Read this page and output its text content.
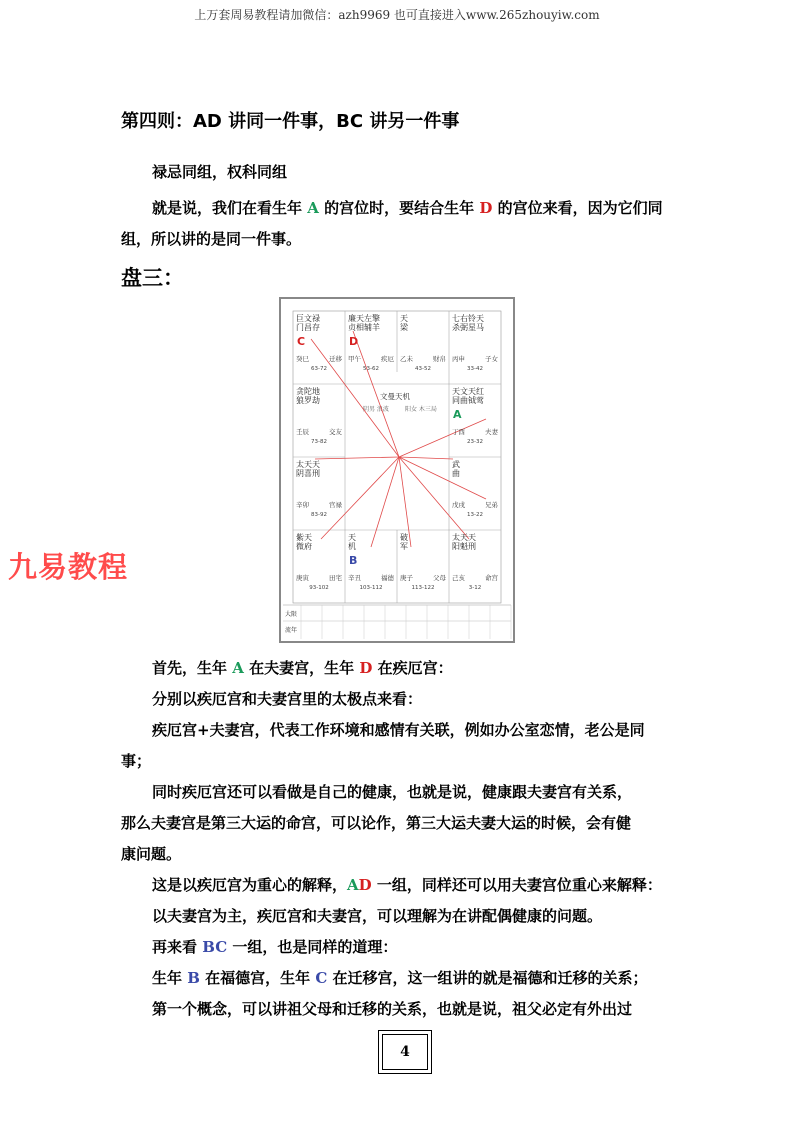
上万套周易教程请加微信：azh9969 也可直接进入www.265zhouyiw.com
第四则：AD 讲同一件事，BC 讲另一件事
禄忌同组，权科同组
就是说，我们在看生年 A 的宫位时，要结合生年 D 的宫位来看，因为它们同组，所以讲的是同一件事。
盘三：
大限
流年
文曼天机
阴男 浪波	阳女 木三局
巨文禄
门昌存
C
癸巳	迁移
63-72
廉天左擎
贞相辅羊
D
甲午	疾厄
53-62
天
梁
乙未	财帛
43-52
七右铃天
杀弼星马
丙申	子女
33-42
贪陀地
狼罗劫
壬辰	交友
73-82
天文天红
同曲钺莺
A
丁酉	夫妻
23-32
太天天
阴喜刑
辛卯	官禄
83-92
武
曲
戊戌	兄弟
13-22
紫天
微府
庚寅	田宅
93-102
天
机
B
辛丑	福德
103-112
破
军
庚子	父母
113-122
太天天
阳魁刑
己亥	命宫
3-12
首先，生年 A 在夫妻宫，生年 D 在疾厄宫：
分别以疾厄宫和夫妻宫里的太极点来看：
疾厄宫+夫妻宫，代表工作环境和感情有关联，例如办公室恋情，老公是同
事；
同时疾厄宫还可以看做是自己的健康，也就是说，健康跟夫妻宫有关系，
那么夫妻宫是第三大运的命宫，可以论作，第三大运夫妻大运的时候，会有健
康问题。
这是以疾厄宫为重心的解释，AD 一组，同样还可以用夫妻宫位重心来解释：
以夫妻宫为主，疾厄宫和夫妻宫，可以理解为在讲配偶健康的问题。
再来看 BC 一组，也是同样的道理：
生年 B 在福德宫，生年 C 在迁移宫，这一组讲的就是福德和迁移的关系；
第一个概念，可以讲祖父母和迁移的关系，也就是说，祖父必定有外出过
九易教程
4
